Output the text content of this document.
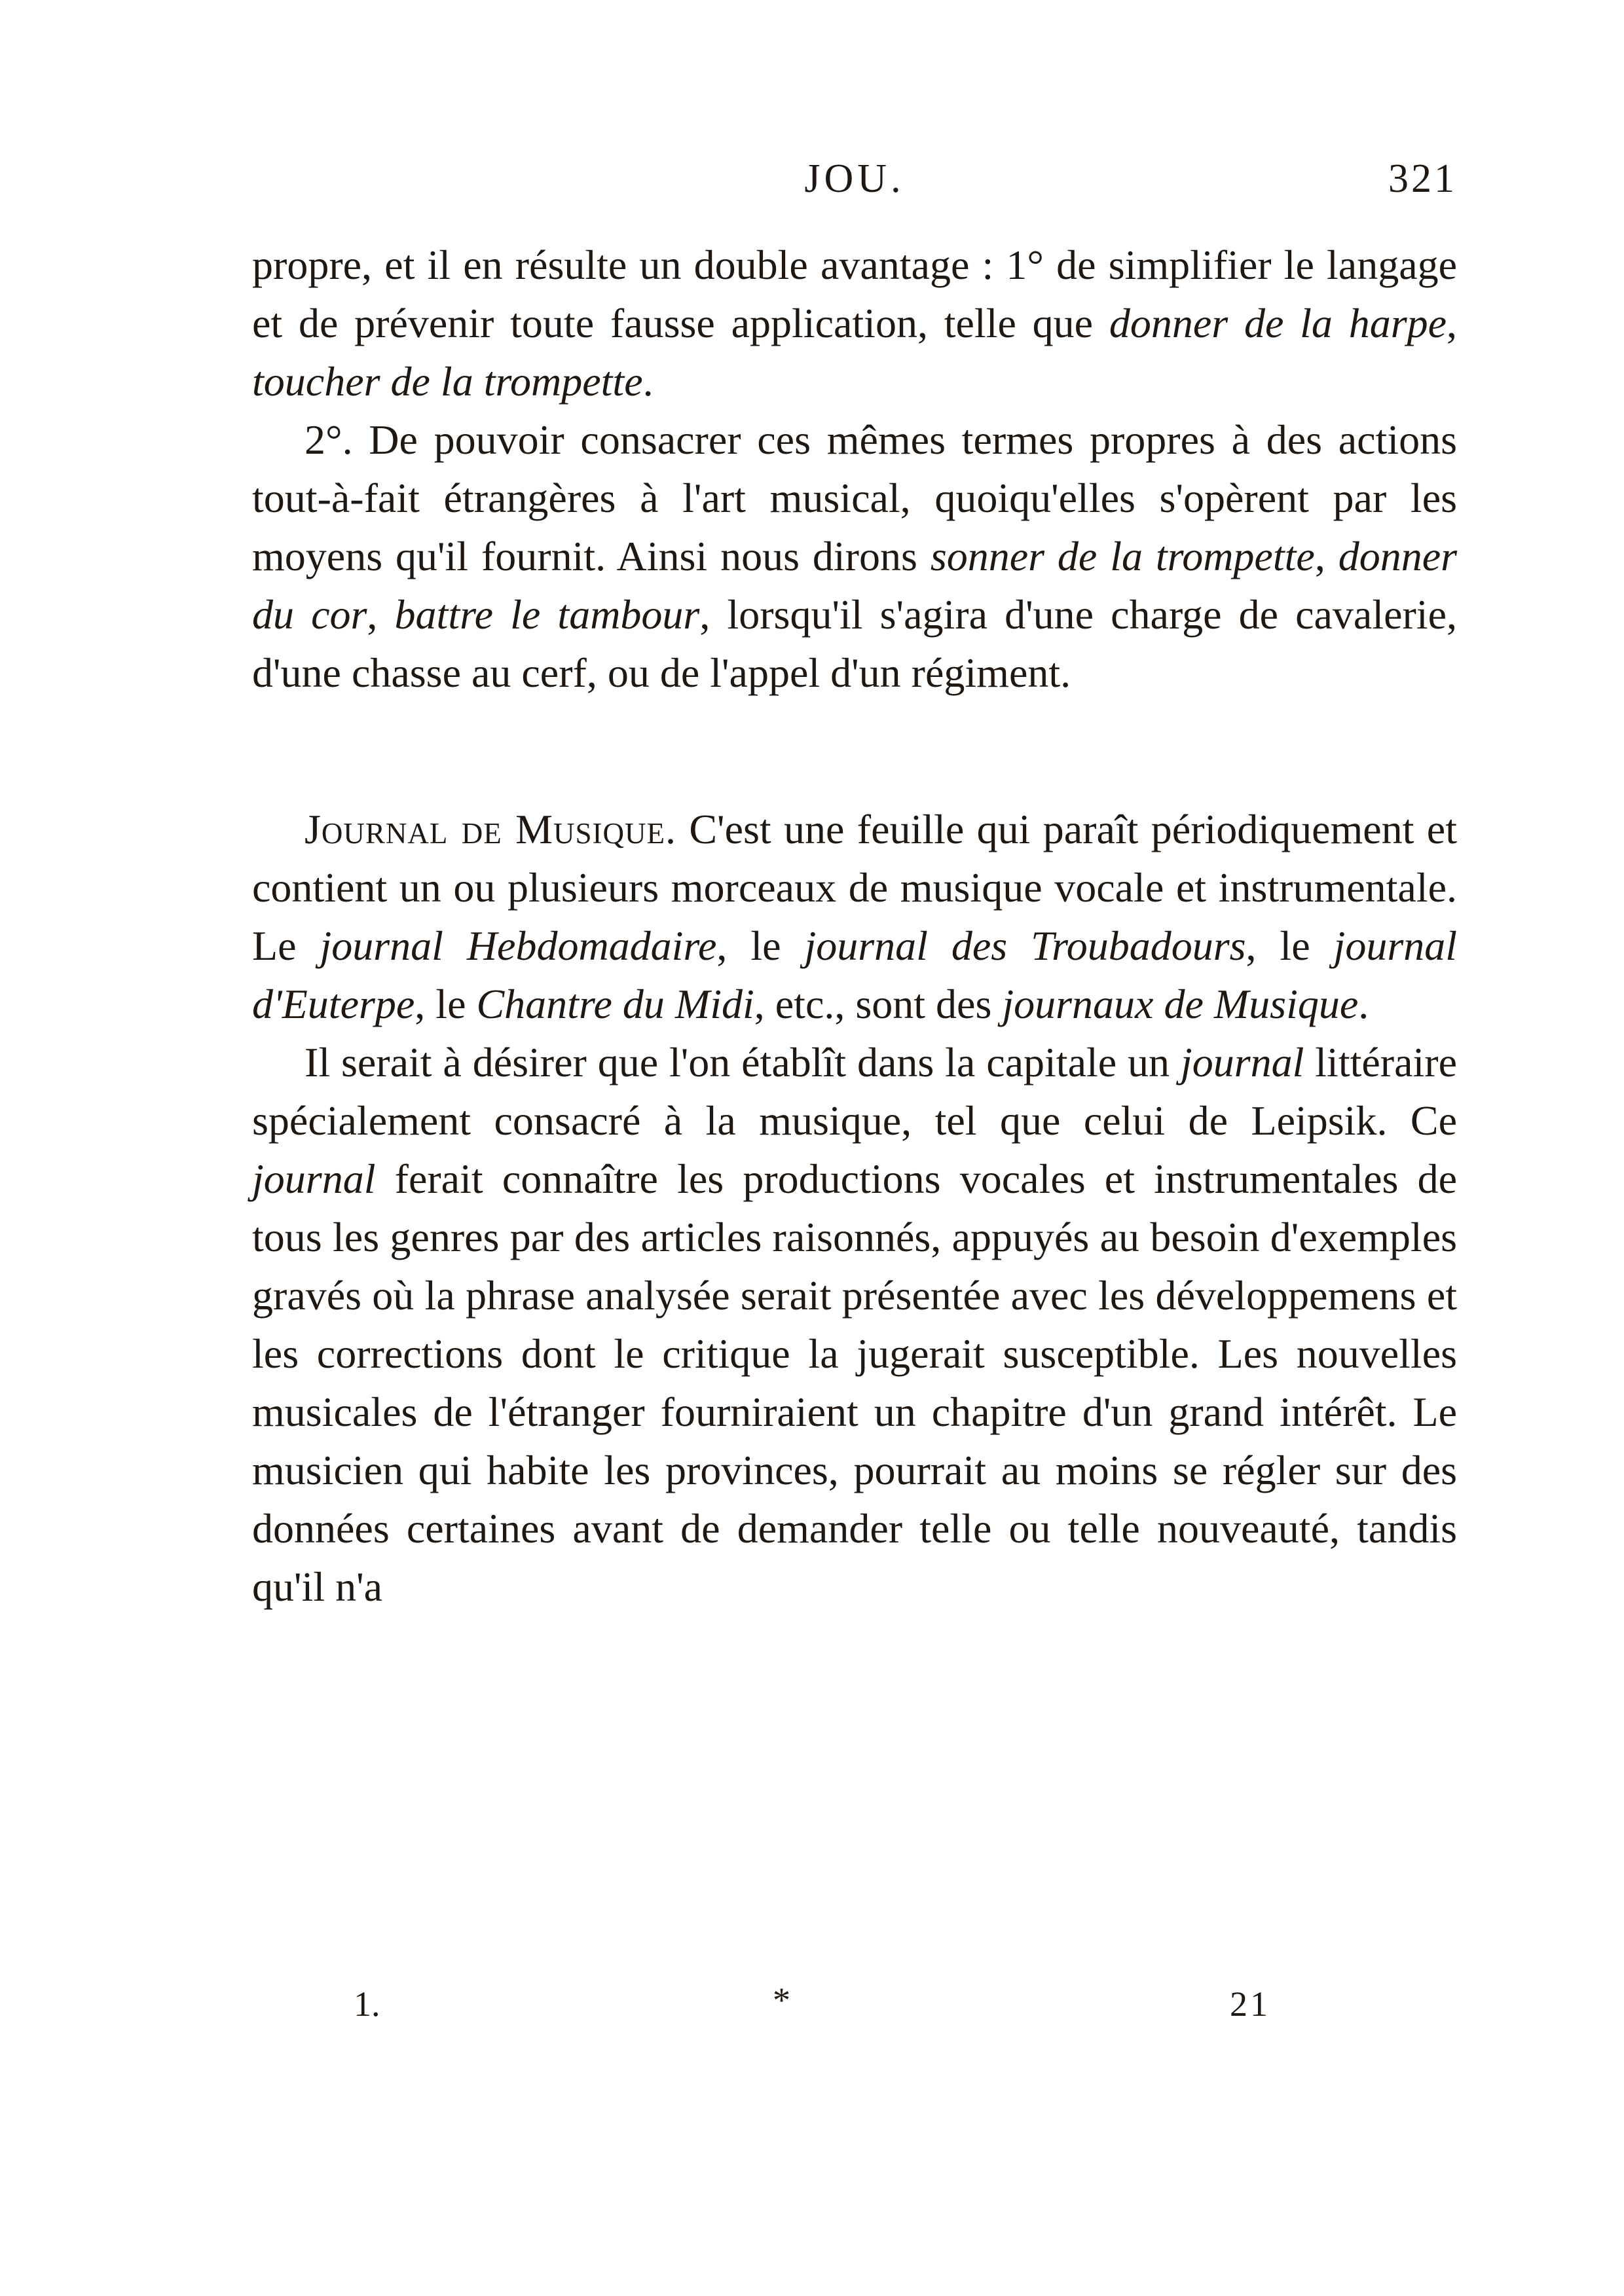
JOU.	321

propre, et il en résulte un double avantage : 1° de simplifier le langage et de prévenir toute fausse application, telle que donner de la harpe, toucher de la trompette.

2°. De pouvoir consacrer ces mêmes termes propres à des actions tout-à-fait étrangères à l'art musical, quoiqu'elles s'opèrent par les moyens qu'il fournit. Ainsi nous dirons sonner de la trompette, donner du cor, battre le tambour, lorsqu'il s'agira d'une charge de cavalerie, d'une chasse au cerf, ou de l'appel d'un régiment.

Journal de Musique. C'est une feuille qui paraît périodiquement et contient un ou plusieurs morceaux de musique vocale et instrumentale. Le journal Hebdomadaire, le journal des Troubadours, le journal d'Euterpe, le Chantre du Midi, etc., sont des journaux de Musique.

Il serait à désirer que l'on établît dans la capitale un journal littéraire spécialement consacré à la musique, tel que celui de Leipsik. Ce journal ferait connaître les productions vocales et instrumentales de tous les genres par des articles raisonnés, appuyés au besoin d'exemples gravés où la phrase analysée serait présentée avec les développemens et les corrections dont le critique la jugerait susceptible. Les nouvelles musicales de l'étranger fourniraient un chapitre d'un grand intérêt. Le musicien qui habite les provinces, pourrait au moins se régler sur des données certaines avant de demander telle ou telle nouveauté, tandis qu'il n'a

1.	*	21
